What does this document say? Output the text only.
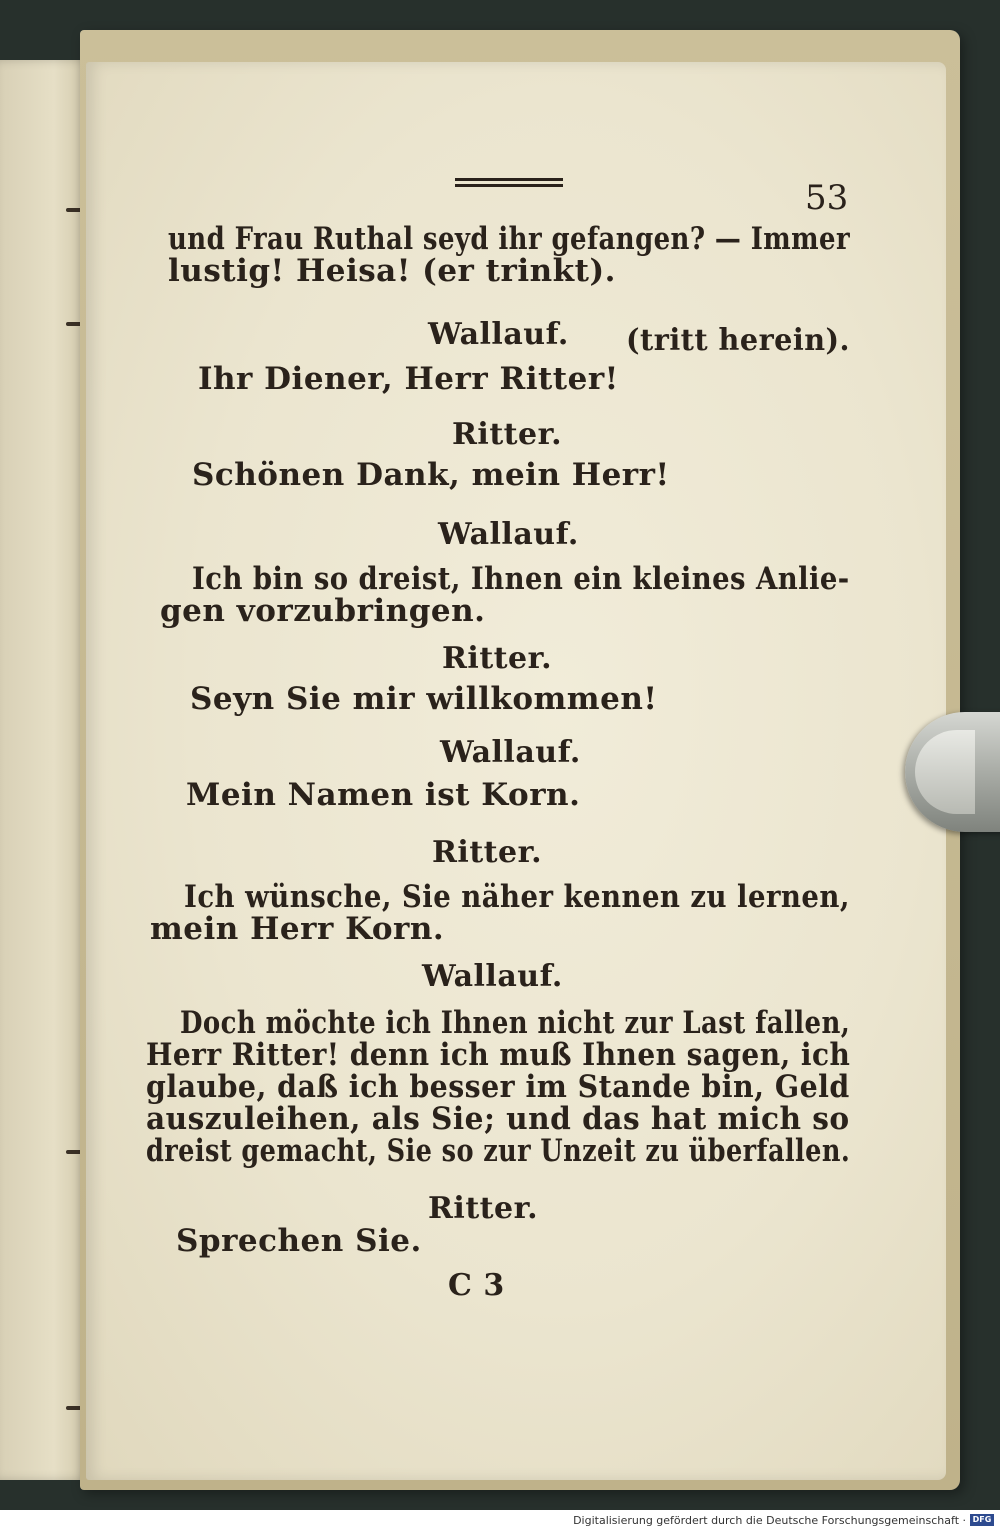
53
und Frau Ruthal seyd ihr gefangen? — Immer
lustig! Heisa! (er trinkt).
Wallauf. (tritt herein).
Ihr Diener, Herr Ritter!
Ritter.
Schönen Dank, mein Herr!
Wallauf.
Ich bin so dreist, Ihnen ein kleines Anlie-
gen vorzubringen.
Ritter.
Seyn Sie mir willkommen!
Wallauf.
Mein Namen ist Korn.
Ritter.
Ich wünsche, Sie näher kennen zu lernen,
mein Herr Korn.
Wallauf.
Doch möchte ich Ihnen nicht zur Last fallen,
Herr Ritter! denn ich muß Ihnen sagen, ich
glaube, daß ich besser im Stande bin, Geld
auszuleihen, als Sie; und das hat mich so
dreist gemacht, Sie so zur Unzeit zu überfallen.
Ritter.
Sprechen Sie.
C 3
Digitalisierung gefördert durch die Deutsche Forschungsgemeinschaft · DFG
